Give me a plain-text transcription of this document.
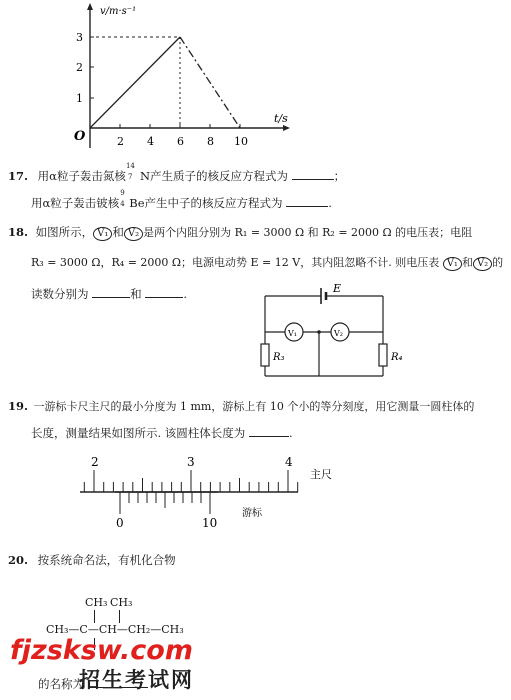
v/m·s⁻¹
t/s
O
1
2
3
2 4 6 8 10
17. 用α粒子轰击氮核
14
7 N产生质子的核反应方程式为	；
用α粒子轰击铍核
9
4 Be产生中子的核反应方程式为	.
18. 如图所示， V₁ 和 V₂ 是两个内阻分别为 R₁ = 3000 Ω 和 R₂ = 2000 Ω 的电压表；电阻
R₃ = 3000 Ω，R₄ = 2000 Ω；电源电动势 E = 12 V，其内阻忽略不计. 则电压表 V₁ 和 V₂ 的
读数分别为	和	.	E
V₁	V₂
R₃	R₄
19. 一游标卡尺主尺的最小分度为 1 mm，游标上有 10 个小的等分刻度，用它测量一圆柱体的
长度，测量结果如图所示. 该圆柱体长度为	.
2	3	4
主尺
0	10
游标
20. 按系统命名法，有机化合物
CH₃ CH₃
CH₃—C—CH—CH₂—CH₃
fjzsksw.com
招生考试网
的名称为
